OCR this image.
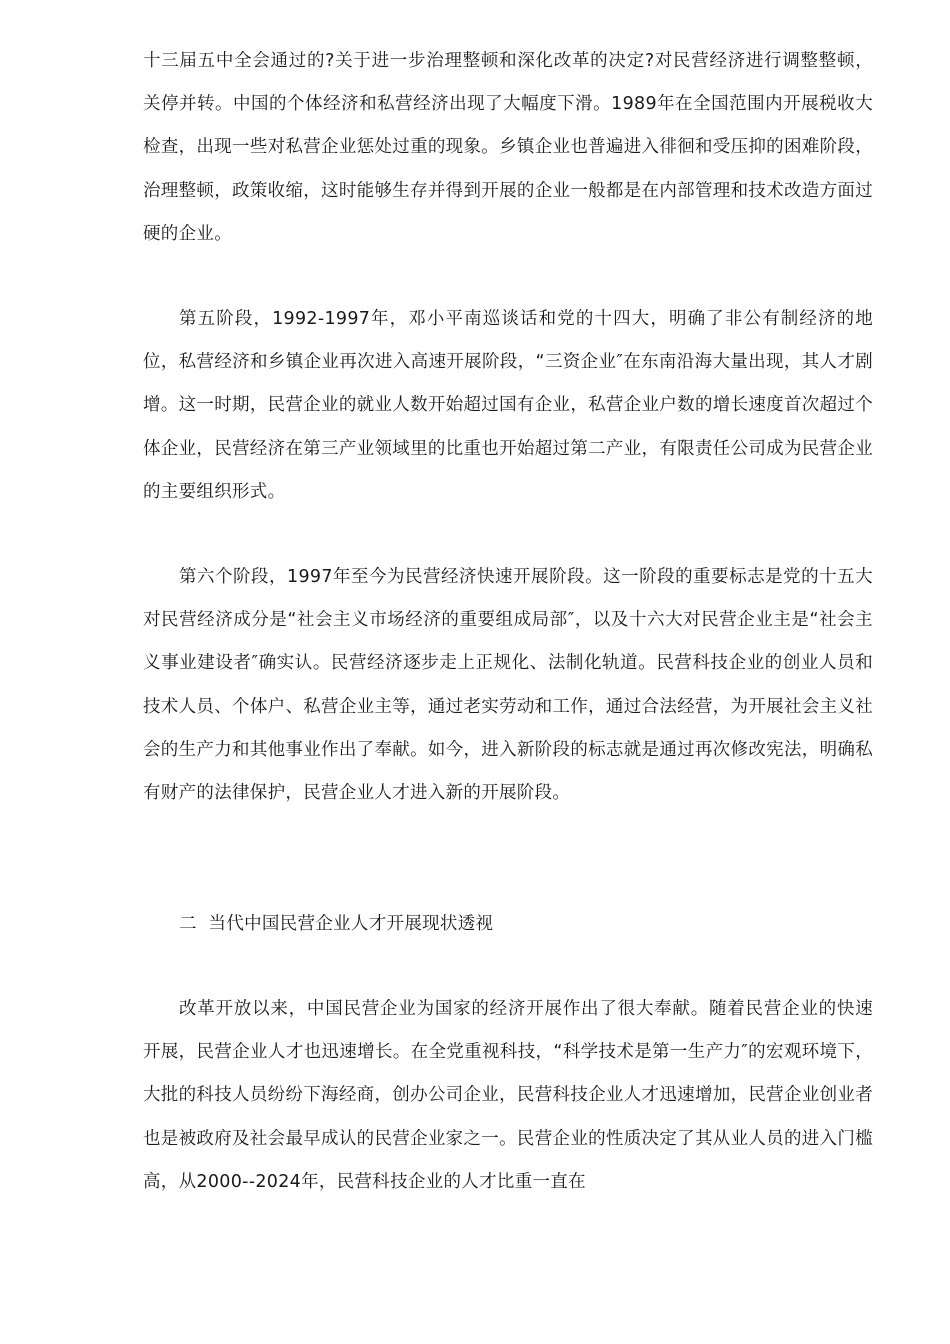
十三届五中全会通过的?关于进一步治理整顿和深化改革的决定?对民营经济进行调整整顿，关停并转。中国的个体经济和私营经济出现了大幅度下滑。1989年在全国范围内开展税收大检查，出现一些对私营企业惩处过重的现象。乡镇企业也普遍进入徘徊和受压抑的困难阶段，治理整顿，政策收缩，这时能够生存并得到开展的企业一般都是在内部管理和技术改造方面过硬的企业。

第五阶段，1992-1997年，邓小平南巡谈话和党的十四大，明确了非公有制经济的地位，私营经济和乡镇企业再次进入高速开展阶段，“三资企业″在东南沿海大量出现，其人才剧增。这一时期，民营企业的就业人数开始超过国有企业，私营企业户数的增长速度首次超过个体企业，民营经济在第三产业领域里的比重也开始超过第二产业，有限责任公司成为民营企业的主要组织形式。

第六个阶段，1997年至今为民营经济快速开展阶段。这一阶段的重要标志是党的十五大对民营经济成分是“社会主义市场经济的重要组成局部″，以及十六大对民营企业主是“社会主义事业建设者″确实认。民营经济逐步走上正规化、法制化轨道。民营科技企业的创业人员和技术人员、个体户、私营企业主等，通过老实劳动和工作，通过合法经营，为开展社会主义社会的生产力和其他事业作出了奉献。如今，进入新阶段的标志就是通过再次修改宪法，明确私有财产的法律保护，民营企业人才进入新的开展阶段。

二  当代中国民营企业人才开展现状透视

改革开放以来，中国民营企业为国家的经济开展作出了很大奉献。随着民营企业的快速开展，民营企业人才也迅速增长。在全党重视科技，“科学技术是第一生产力″的宏观环境下，大批的科技人员纷纷下海经商，创办公司企业，民营科技企业人才迅速增加，民营企业创业者也是被政府及社会最早成认的民营企业家之一。民营企业的性质决定了其从业人员的进入门槛高，从2000--2024年，民营科技企业的人才比重一直在
